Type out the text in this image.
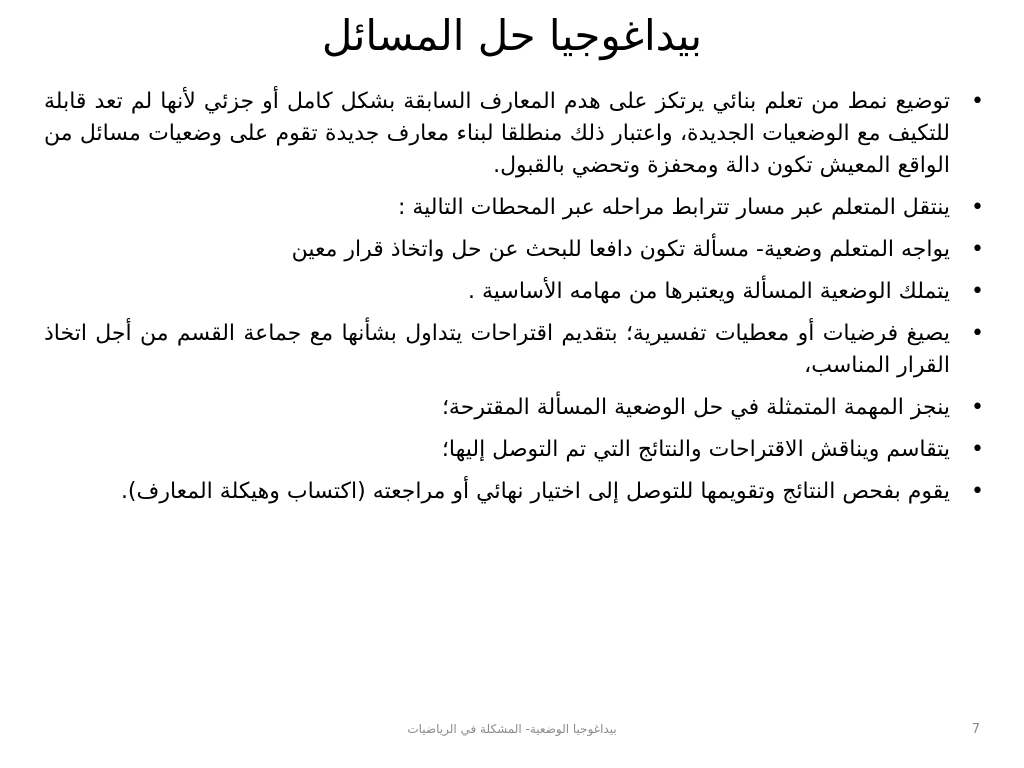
بيداغوجيا حل المسائل
•
توضيع نمط من تعلم بنائي يرتكز على هدم المعارف السابقة بشكل كامل أو جزئي لأنها لم تعد قابلة للتكيف مع الوضعيات الجديدة، واعتبار ذلك منطلقا لبناء معارف جديدة تقوم على وضعيات مسائل من الواقع المعيش تكون دالة ومحفزة وتحضي بالقبول.
•
ينتقل المتعلم عبر مسار تترابط مراحله عبر المحطات التالية :
•
يواجه المتعلم وضعية- مسألة تكون دافعا للبحث عن حل واتخاذ قرار معين
•
يتملك الوضعية المسألة ويعتبرها من مهامه الأساسية .
•
يصيغ فرضيات أو معطيات تفسيرية؛ بتقديم اقتراحات يتداول بشأنها مع جماعة القسم من أجل اتخاذ القرار المناسب،
•
ينجز المهمة المتمثلة في حل الوضعية المسألة المقترحة؛
•
يتقاسم ويناقش الاقتراحات والنتائج التي تم التوصل إليها؛
•
يقوم بفحص النتائج وتقويمها للتوصل إلى اختيار نهائي أو مراجعته (اكتساب وهيكلة المعارف).
بيداغوجيا الوضعية- المشكلة في الرياضيات	7
